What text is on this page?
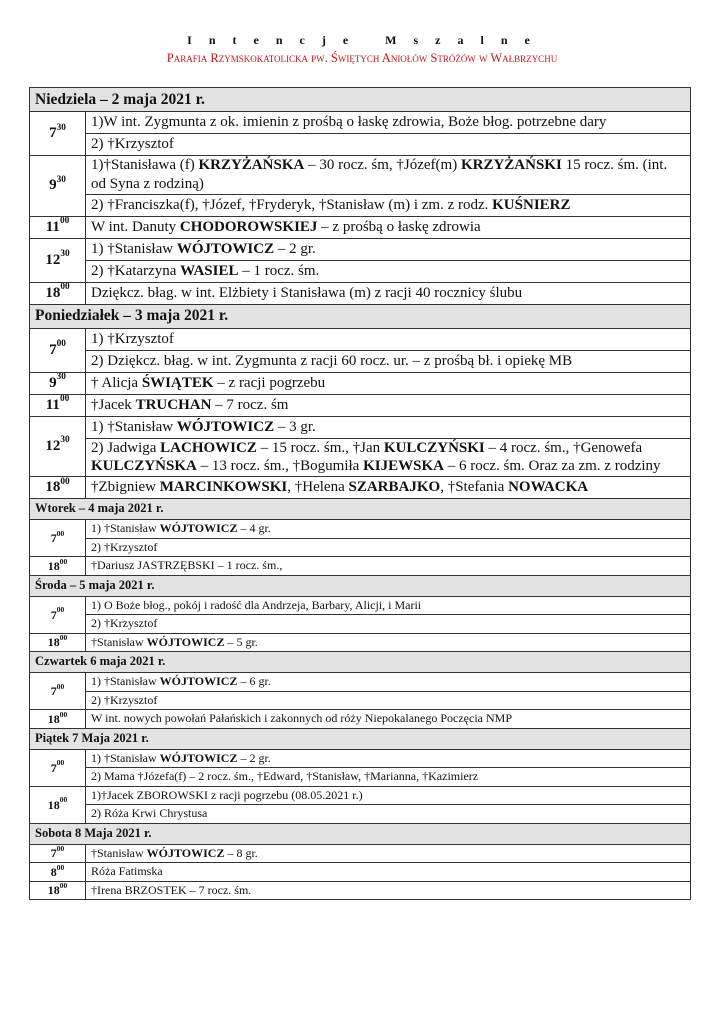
I n t e n c j e   M s z a l n e
Parafia Rzymskokatolicka pw. Świętych Aniołów Stróżów w Wałbrzychu
Niedziela – 2 maja 2021 r.	
$7^{30}$	1)W int. Zygmunta z ok. imienin z prośbą o łaskę zdrowia, Boże błog. potrzebne dary
	2) †Krzysztof
$9^{30}$	1)†Stanisława (f) KRZYŻAŃSKA – 30 rocz. śm, †Józef(m) KRZYŻAŃSKI 15 rocz. śm. (int. od Syna z rodziną)
	2) †Franciszka(f), †Józef, †Fryderyk, †Stanisław (m) i zm. z rodz. KUŚNIERZ
$11^{00}$	W int. Danuty CHODOROWSKIEJ – z prośbą o łaskę zdrowia
$12^{30}$	1) †Stanisław WÓJTOWICZ – 2 gr.
	2) †Katarzyna WASIEL – 1 rocz. śm.
$18^{00}$	Dziękcz. błag. w int. Elżbiety i Stanisława (m) z racji 40 rocznicy ślubu
Poniedziałek – 3 maja 2021 r.	
$7^{00}$	1) †Krzysztof
	2) Dziękcz. błag. w int. Zygmunta z racji 60 rocz. ur. – z prośbą bł. i opiekę MB
$9^{30}$	† Alicja ŚWIĄTEK – z racji pogrzebu
$11^{00}$	†Jacek TRUCHAN – 7 rocz. śm
$12^{30}$	1) †Stanisław WÓJTOWICZ – 3 gr.
	2) Jadwiga LACHOWICZ – 15 rocz. śm., †Jan KULCZYŃSKI – 4 rocz. śm., †Genowefa KULCZYŃSKA – 13 rocz. śm., †Bogumiła KIJEWSKA – 6 rocz. śm. Oraz za zm. z rodziny
$18^{00}$	†Zbigniew MARCINKOWSKI, †Helena SZARBAJKO, †Stefania NOWACKA
Wtorek – 4 maja 2021 r.	
$7^{00}$	1) †Stanisław WÓJTOWICZ – 4 gr.
	2) †Krzysztof
$18^{00}$	†Dariusz JASTRZĘBSKI – 1 rocz. śm.,
Środa – 5 maja 2021 r.	
$7^{00}$	1) O Boże błog., pokój i radość dla Andrzeja, Barbary, Alicji, i Marii
	2) †Krzysztof
$18^{00}$	†Stanisław WÓJTOWICZ – 5 gr.
Czwartek 6 maja 2021 r.	
$7^{00}$	1) †Stanisław WÓJTOWICZ – 6 gr.
	2) †Krzysztof
$18^{00}$	W int. nowych powołań Pałańskich i zakonnych od róży Niepokalanego Poczęcia NMP
Piątek 7 Maja 2021 r.	
$7^{00}$	1) †Stanisław WÓJTOWICZ – 2 gr.
	2) Mama †Józefa(f) – 2 rocz. śm., †Edward, †Stanisław, †Marianna, †Kazimierz
$18^{00}$	1)†Jacek ZBOROWSKI z racji pogrzebu (08.05.2021 r.)
	2) Róża Krwi Chrystusa
Sobota 8 Maja 2021 r.	
$7^{00}$	†Stanisław WÓJTOWICZ – 8 gr.
$8^{00}$	Róża Fatimska
$18^{00}$	†Irena BRZOSTEK – 7 rocz. śm.
